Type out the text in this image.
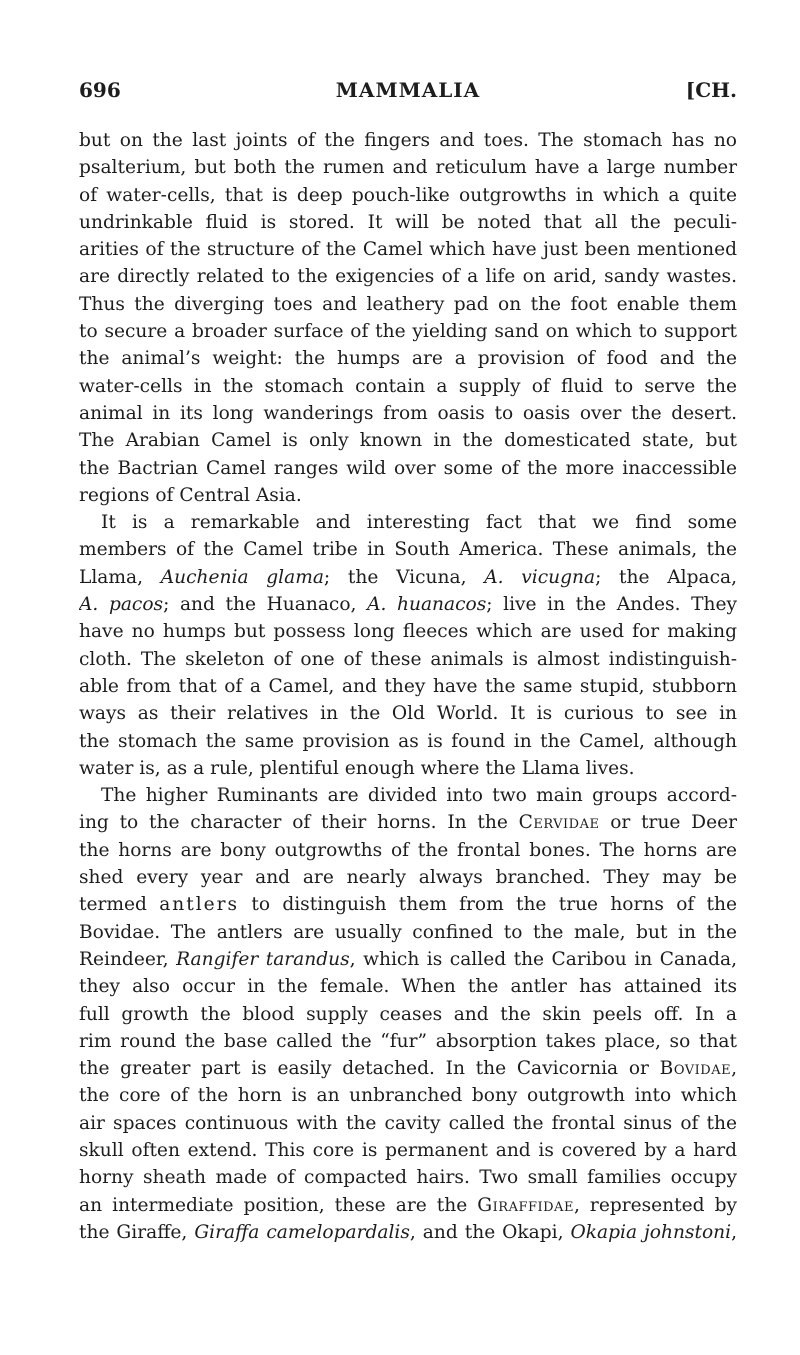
696	MAMMALIA	[CH.
but on the last joints of the fingers and toes. The stomach has no
psalterium, but both the rumen and reticulum have a large number
of water-cells, that is deep pouch-like outgrowths in which a quite
undrinkable fluid is stored. It will be noted that all the peculi-
arities of the structure of the Camel which have just been mentioned
are directly related to the exigencies of a life on arid, sandy wastes.
Thus the diverging toes and leathery pad on the foot enable them
to secure a broader surface of the yielding sand on which to support
the animal’s weight: the humps are a provision of food and the
water-cells in the stomach contain a supply of fluid to serve the
animal in its long wanderings from oasis to oasis over the desert.
The Arabian Camel is only known in the domesticated state, but
the Bactrian Camel ranges wild over some of the more inaccessible
regions of Central Asia.
It is a remarkable and interesting fact that we find some
members of the Camel tribe in South America. These animals, the
Llama, Auchenia glama; the Vicuna, A. vicugna; the Alpaca,
A. pacos; and the Huanaco, A. huanacos; live in the Andes. They
have no humps but possess long fleeces which are used for making
cloth. The skeleton of one of these animals is almost indistinguish-
able from that of a Camel, and they have the same stupid, stubborn
ways as their relatives in the Old World. It is curious to see in
the stomach the same provision as is found in the Camel, although
water is, as a rule, plentiful enough where the Llama lives.
The higher Ruminants are divided into two main groups accord-
ing to the character of their horns. In the Cervidae or true Deer
the horns are bony outgrowths of the frontal bones. The horns are
shed every year and are nearly always branched. They may be
termed antlers to distinguish them from the true horns of the
Bovidae. The antlers are usually confined to the male, but in the
Reindeer, Rangifer tarandus, which is called the Caribou in Canada,
they also occur in the female. When the antler has attained its
full growth the blood supply ceases and the skin peels off. In a
rim round the base called the “fur” absorption takes place, so that
the greater part is easily detached. In the Cavicornia or Bovidae,
the core of the horn is an unbranched bony outgrowth into which
air spaces continuous with the cavity called the frontal sinus of the
skull often extend. This core is permanent and is covered by a hard
horny sheath made of compacted hairs. Two small families occupy
an intermediate position, these are the Giraffidae, represented by
the Giraffe, Giraffa camelopardalis, and the Okapi, Okapia johnstoni,
